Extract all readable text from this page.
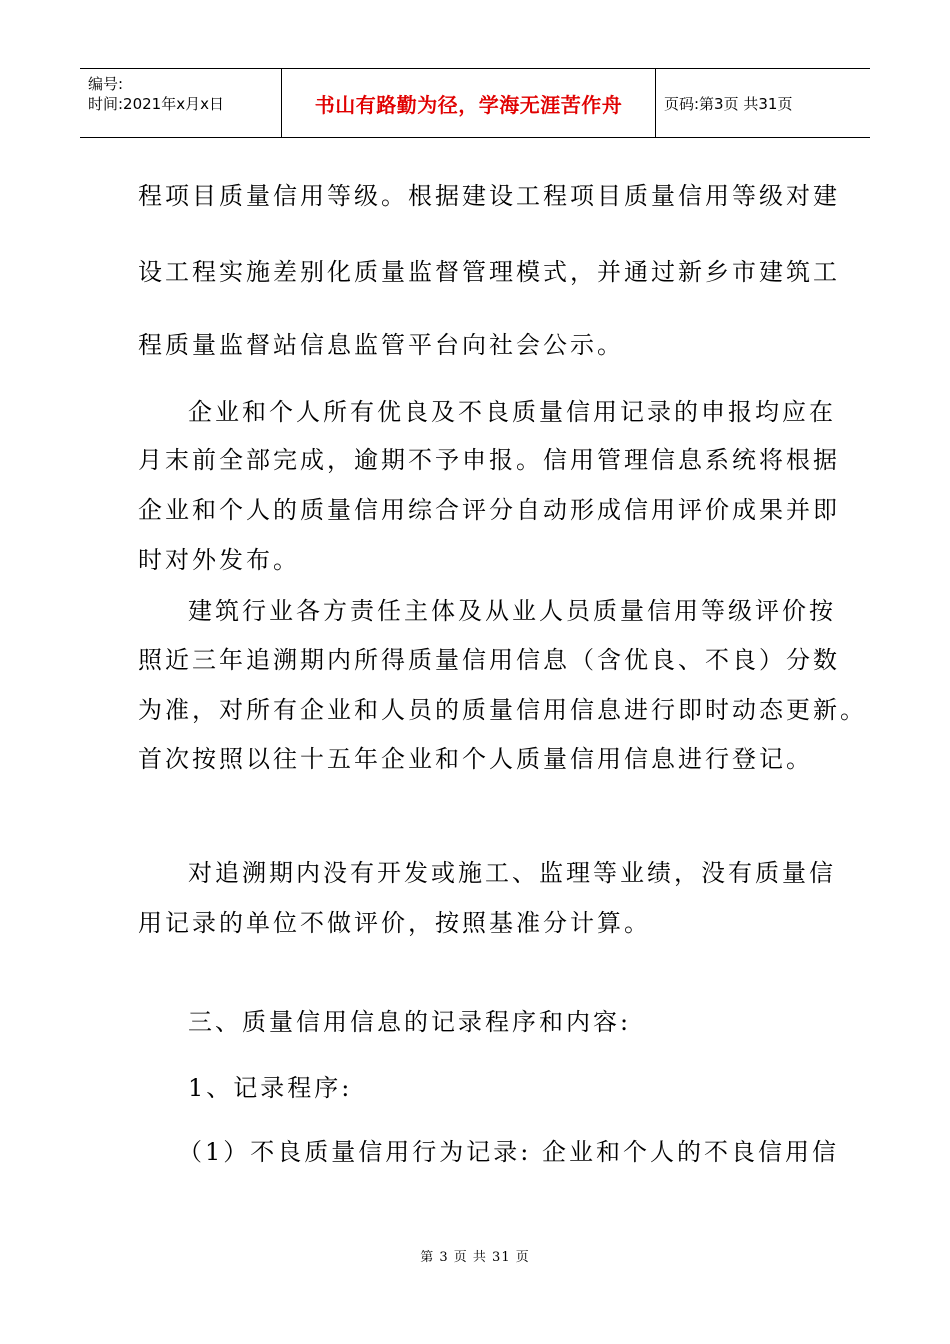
编号:
时间:2021年x月x日	书山有路勤为径，学海无涯苦作舟	页码:第3页 共31页
程项目质量信用等级。根据建设工程项目质量信用等级对建
设工程实施差别化质量监督管理模式，并通过新乡市建筑工
程质量监督站信息监管平台向社会公示。
企业和个人所有优良及不良质量信用记录的申报均应在
月末前全部完成，逾期不予申报。信用管理信息系统将根据
企业和个人的质量信用综合评分自动形成信用评价成果并即
时对外发布。
建筑行业各方责任主体及从业人员质量信用等级评价按
照近三年追溯期内所得质量信用信息（含优良、不良）分数
为准，对所有企业和人员的质量信用信息进行即时动态更新。
首次按照以往十五年企业和个人质量信用信息进行登记。
对追溯期内没有开发或施工、监理等业绩，没有质量信
用记录的单位不做评价，按照基准分计算。
三、质量信用信息的记录程序和内容:
1、记录程序:
（1）不良质量信用行为记录: 企业和个人的不良信用信
第 3 页 共 31 页
